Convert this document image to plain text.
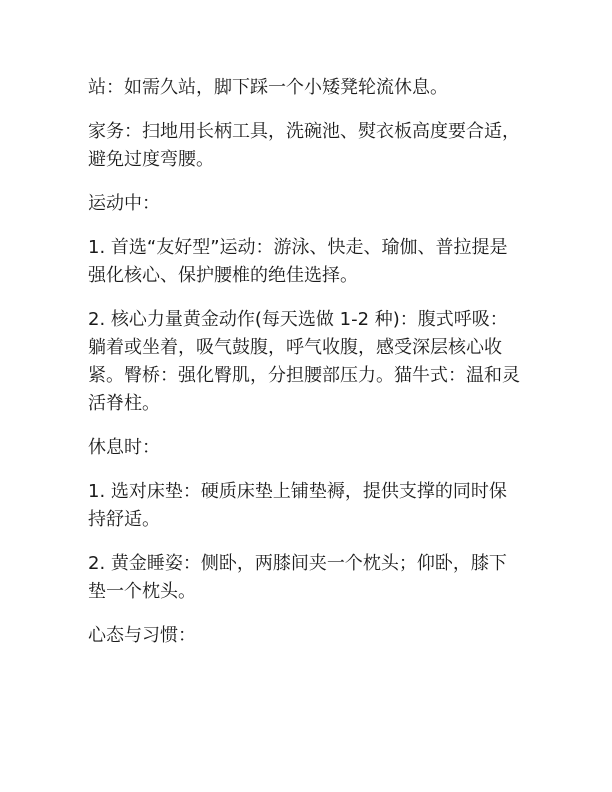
站：如需久站，脚下踩一个小矮凳轮流休息。

家务：扫地用长柄工具，洗碗池、熨衣板高度要合适，避免过度弯腰。

运动中：

1. 首选“友好型”运动：游泳、快走、瑜伽、普拉提是强化核心、保护腰椎的绝佳选择。

2. 核心力量黄金动作(每天选做 1-2 种)：腹式呼吸：躺着或坐着，吸气鼓腹，呼气收腹，感受深层核心收紧。臀桥：强化臀肌，分担腰部压力。猫牛式：温和灵活脊柱。

休息时：

1. 选对床垫：硬质床垫上铺垫褥，提供支撑的同时保持舒适。

2. 黄金睡姿：侧卧，两膝间夹一个枕头；仰卧，膝下垫一个枕头。

心态与习惯：
